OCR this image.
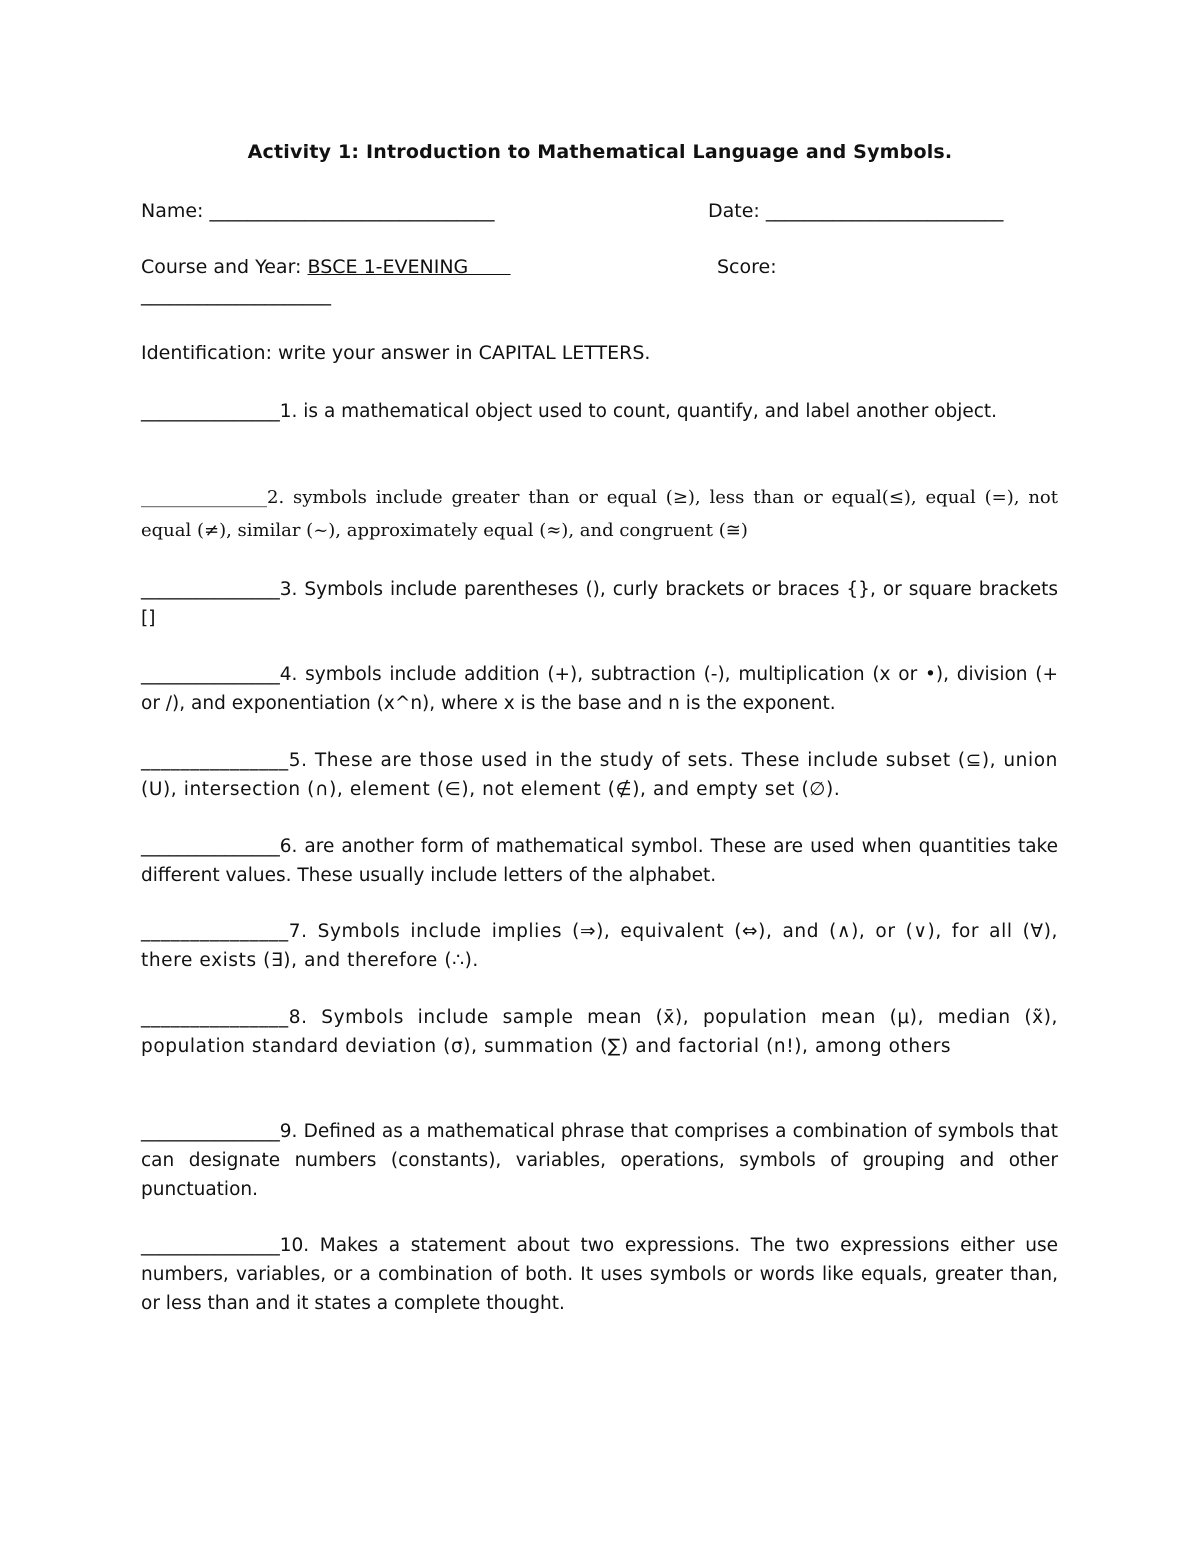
Activity 1: Introduction to Mathematical Language and Symbols.
Name: ______________________________	Date: _________________________
Course and Year: BSCE 1-EVENING	Score:
____________________
Identification: write your answer in CAPITAL LETTERS.
_______________1. is a mathematical object used to count, quantify, and label another object.
______________2. symbols include greater than or equal (≥), less than or equal(≤), equal (=), not equal (≠), similar (~), approximately equal (≈), and congruent (≅)
_______________3. Symbols include parentheses (), curly brackets or braces {}, or square brackets []
_______________4. symbols include addition (+), subtraction (-), multiplication (x or •), division (+ or /), and exponentiation (x^n), where x is the base and n is the exponent.
_______________5. These are those used in the study of sets. These include subset (⊆), union (U), intersection (∩), element (∈), not element (∉), and empty set (∅).
_______________6. are another form of mathematical symbol. These are used when quantities take different values. These usually include letters of the alphabet.
_______________7. Symbols include implies (⇒), equivalent (⇔), and (∧), or (∨), for all (∀), there exists (∃), and therefore (∴).
_______________8. Symbols include sample mean (x̄), population mean (μ), median (x̃), population standard deviation (σ), summation (∑) and factorial (n!), among others
_______________9. Defined as a mathematical phrase that comprises a combination of symbols that can designate numbers (constants), variables, operations, symbols of grouping and other punctuation.
_______________10. Makes a statement about two expressions. The two expressions either use numbers, variables, or a combination of both. It uses symbols or words like equals, greater than, or less than and it states a complete thought.
